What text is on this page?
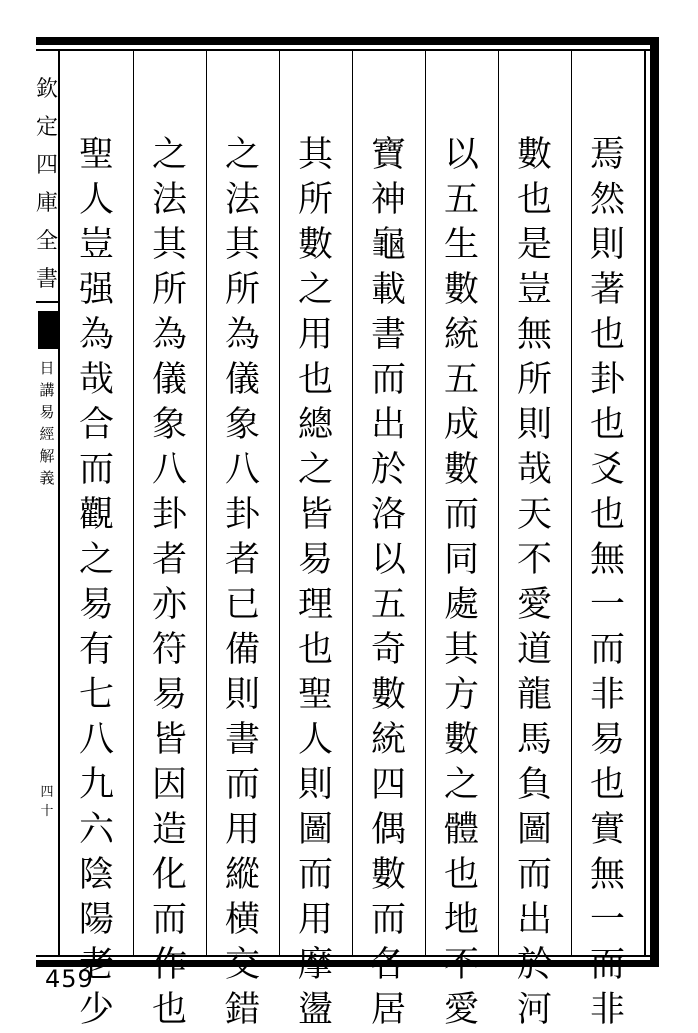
欽
定
四
庫
全
書
日
講
易
經
解
義
四十
焉
然
則
著
也
卦
也
爻
也
無
一
而
非
易
也
實
無
一
而
非
數
也
是
豈
無
所
則
哉
天
不
愛
道
龍
馬
負
圖
而
出
於
河
以
五
生
數
統
五
成
數
而
同
處
其
方
數
之
體
也
地
不
愛
寶
神
龜
載
書
而
出
於
洛
以
五
奇
數
統
四
偶
數
而
各
居
其
所
數
之
用
也
總
之
皆
易
理
也
聖
人
則
圖
而
用
摩
盪
之
法
其
所
為
儀
象
八
卦
者
已
備
則
書
而
用
縱
横
交
錯
之
法
其
所
為
儀
象
八
卦
者
亦
符
易
皆
因
造
化
而
作
也
聖
人
豈
强
為
哉
合
而
觀
之
易
有
七
八
九
六
陰
陽
老
少
459
